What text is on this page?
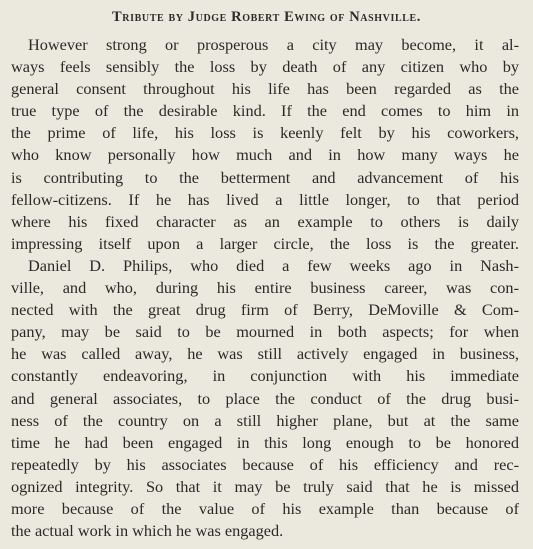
Tribute by Judge Robert Ewing of Nashville.
However strong or prosperous a city may become, it al-
ways feels sensibly the loss by death of any citizen who by
general consent throughout his life has been regarded as the
true type of the desirable kind. If the end comes to him in
the prime of life, his loss is keenly felt by his coworkers,
who know personally how much and in how many ways he
is contributing to the betterment and advancement of his
fellow-citizens. If he has lived a little longer, to that period
where his fixed character as an example to others is daily
impressing itself upon a larger circle, the loss is the greater.
Daniel D. Philips, who died a few weeks ago in Nash-
ville, and who, during his entire business career, was con-
nected with the great drug firm of Berry, DeMoville & Com-
pany, may be said to be mourned in both aspects; for when
he was called away, he was still actively engaged in business,
constantly endeavoring, in conjunction with his immediate
and general associates, to place the conduct of the drug busi-
ness of the country on a still higher plane, but at the same
time he had been engaged in this long enough to be honored
repeatedly by his associates because of his efficiency and rec-
ognized integrity. So that it may be truly said that he is missed
more because of the value of his example than because of
the actual work in which he was engaged.
